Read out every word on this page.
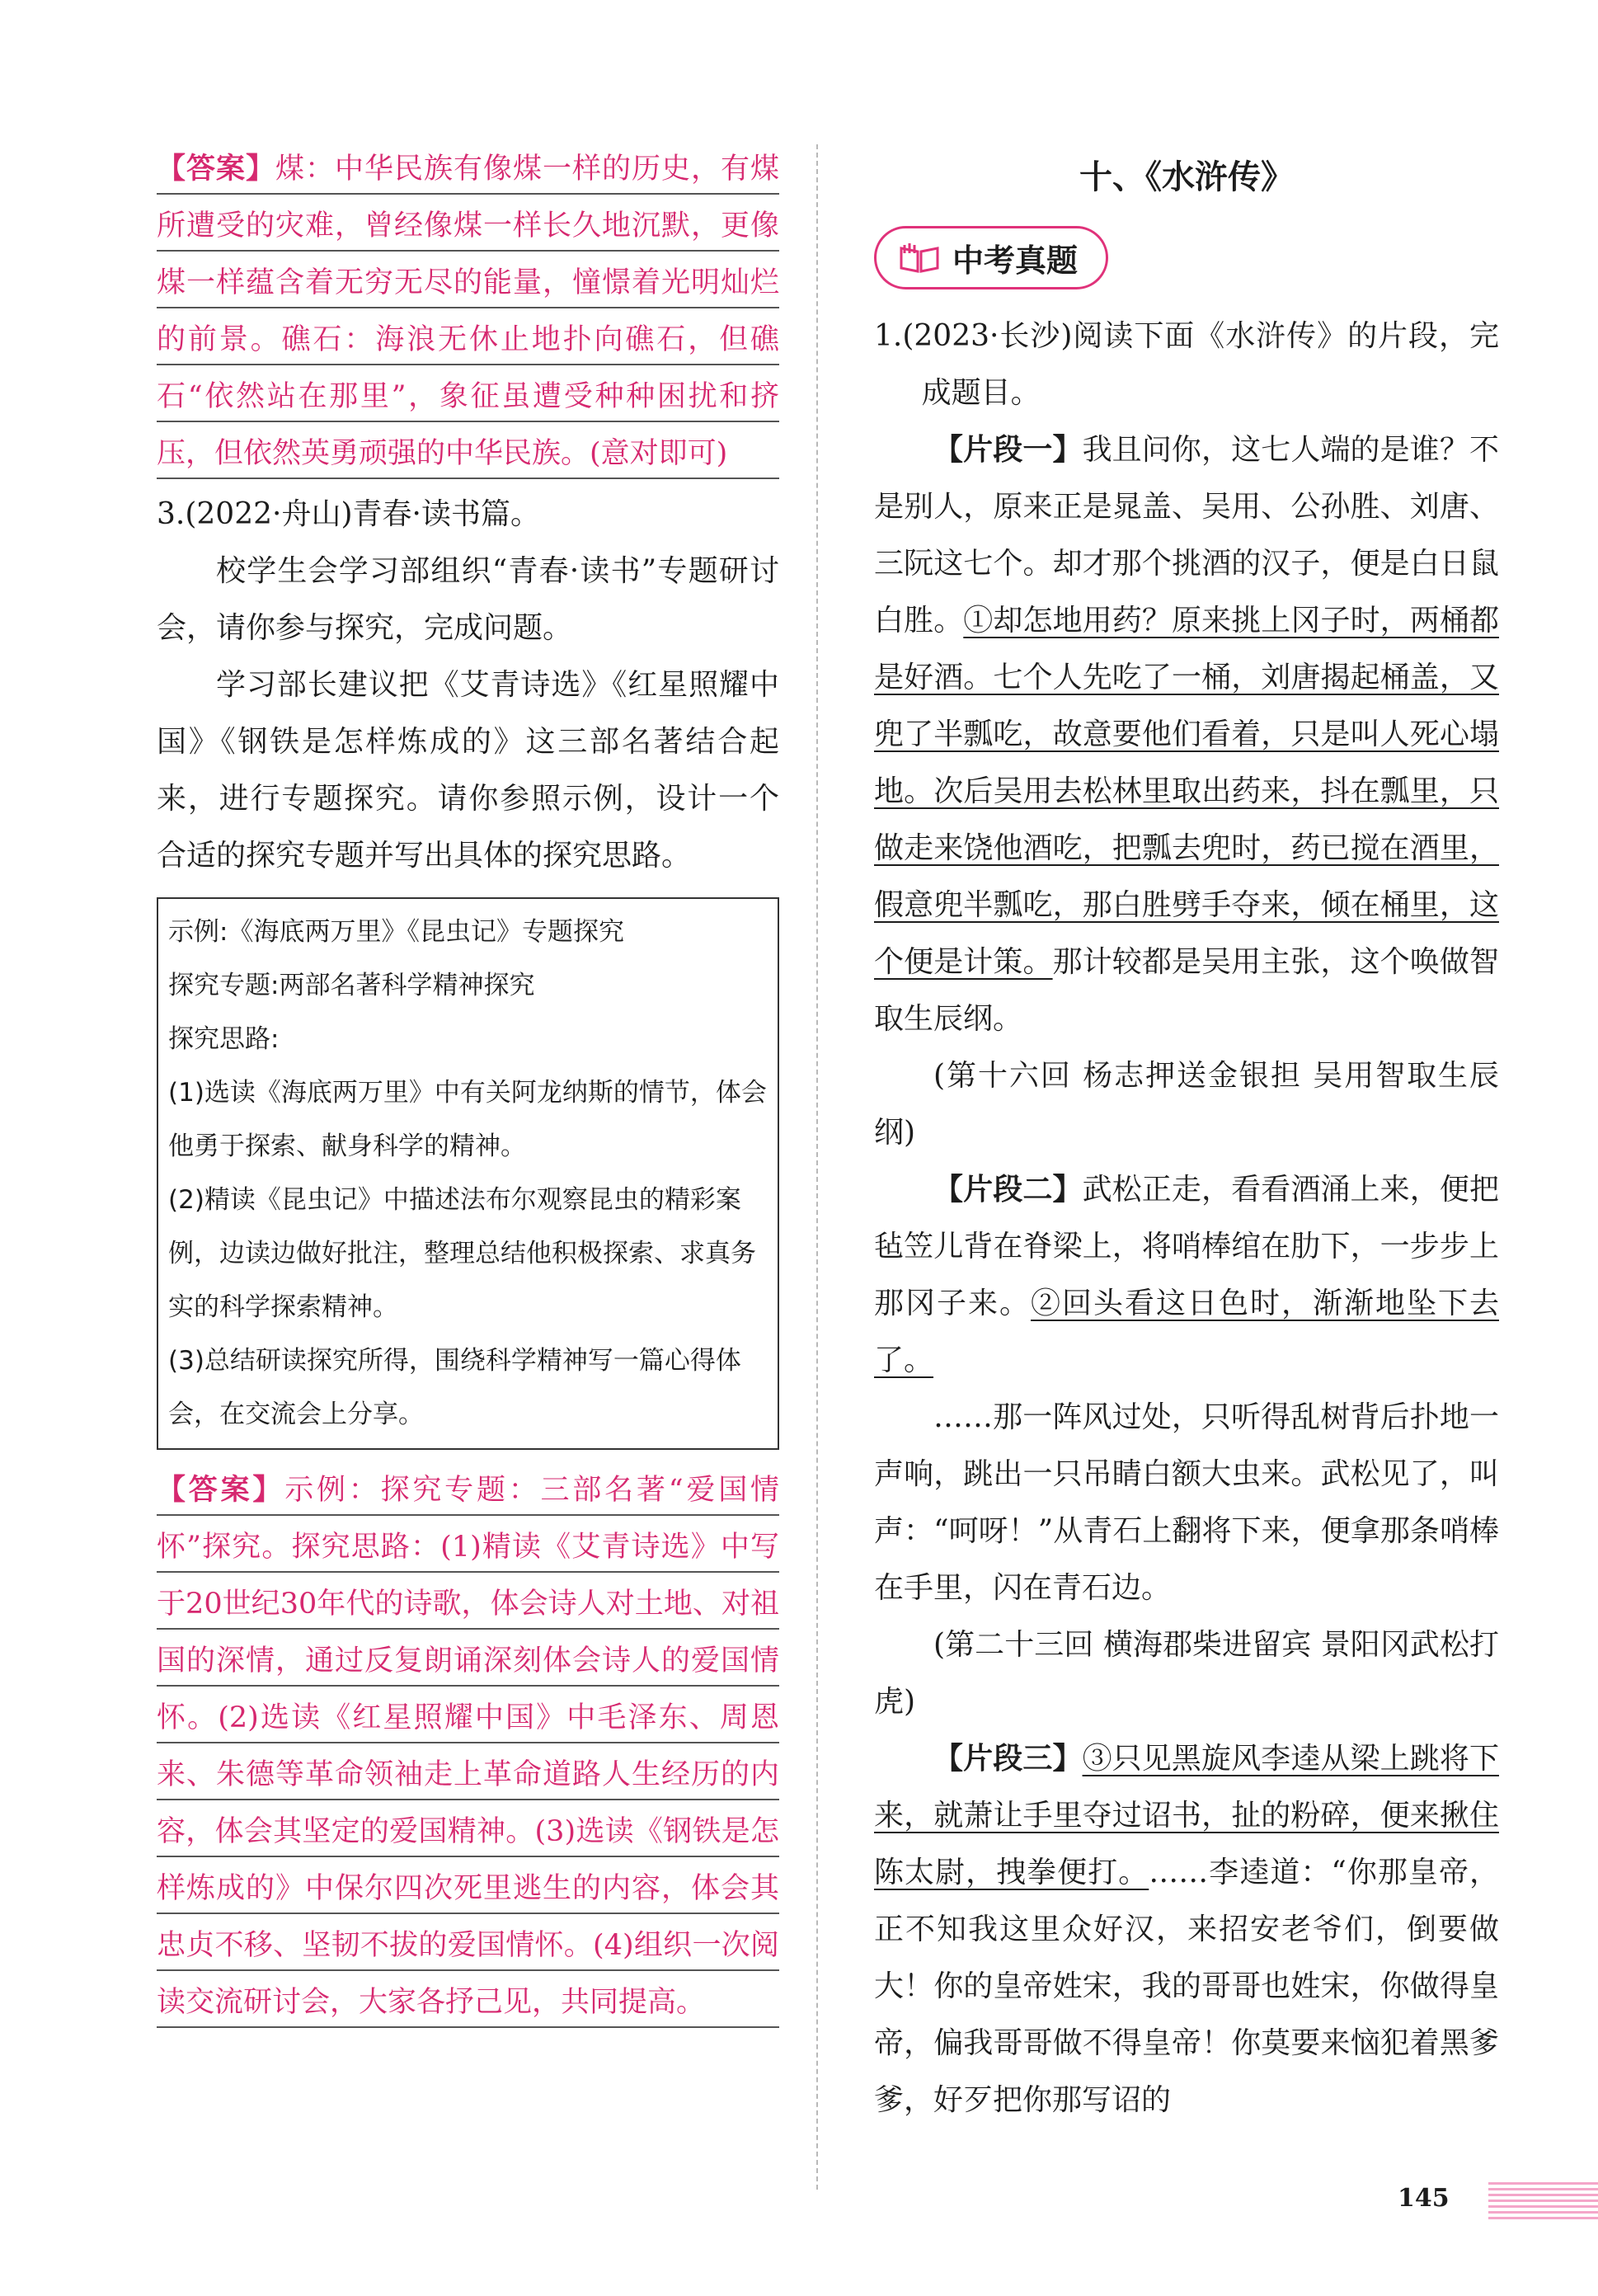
【答案】煤：中华民族有像煤一样的历史，有煤所遭受的灾难，曾经像煤一样长久地沉默，更像煤一样蕴含着无穷无尽的能量，憧憬着光明灿烂的前景。礁石：海浪无休止地扑向礁石，但礁石“依然站在那里”，象征虽遭受种种困扰和挤压，但依然英勇顽强的中华民族。(意对即可)

3.(2022·舟山)青春·读书篇。

校学生会学习部组织“青春·读书”专题研讨会，请你参与探究，完成问题。

学习部长建议把《艾青诗选》《红星照耀中国》《钢铁是怎样炼成的》这三部名著结合起来，进行专题探究。请你参照示例，设计一个合适的探究专题并写出具体的探究思路。

示例:《海底两万里》《昆虫记》专题探究
探究专题:两部名著科学精神探究
探究思路:
(1)选读《海底两万里》中有关阿龙纳斯的情节，体会他勇于探索、献身科学的精神。
(2)精读《昆虫记》中描述法布尔观察昆虫的精彩案例，边读边做好批注，整理总结他积极探索、求真务实的科学探索精神。
(3)总结研读探究所得，围绕科学精神写一篇心得体会，在交流会上分享。

【答案】示例：探究专题：三部名著“爱国情怀”探究。探究思路：(1)精读《艾青诗选》中写于20世纪30年代的诗歌，体会诗人对土地、对祖国的深情，通过反复朗诵深刻体会诗人的爱国情怀。(2)选读《红星照耀中国》中毛泽东、周恩来、朱德等革命领袖走上革命道路人生经历的内容，体会其坚定的爱国精神。(3)选读《钢铁是怎样炼成的》中保尔四次死里逃生的内容，体会其忠贞不移、坚韧不拔的爱国情怀。(4)组织一次阅读交流研讨会，大家各抒己见，共同提高。

十、《水浒传》
中考真题

1.(2023·长沙)阅读下面《水浒传》的片段，完成题目。

【片段一】我且问你，这七人端的是谁？不是别人，原来正是晁盖、吴用、公孙胜、刘唐、三阮这七个。却才那个挑酒的汉子，便是白日鼠白胜。①却怎地用药？原来挑上冈子时，两桶都是好酒。七个人先吃了一桶，刘唐揭起桶盖，又兜了半瓢吃，故意要他们看着，只是叫人死心塌地。次后吴用去松林里取出药来，抖在瓢里，只做走来饶他酒吃，把瓢去兜时，药已搅在酒里，假意兜半瓢吃，那白胜劈手夺来，倾在桶里，这个便是计策。那计较都是吴用主张，这个唤做智取生辰纲。

(第十六回 杨志押送金银担 吴用智取生辰纲)

【片段二】武松正走，看看酒涌上来，便把毡笠儿背在脊梁上，将哨棒绾在肋下，一步步上那冈子来。②回头看这日色时，渐渐地坠下去了。

……那一阵风过处，只听得乱树背后扑地一声响，跳出一只吊睛白额大虫来。武松见了，叫声：“呵呀！”从青石上翻将下来，便拿那条哨棒在手里，闪在青石边。

(第二十三回 横海郡柴进留宾 景阳冈武松打虎)

【片段三】③只见黑旋风李逵从梁上跳将下来，就萧让手里夺过诏书，扯的粉碎，便来揪住陈太尉，拽拳便打。……李逵道：“你那皇帝，正不知我这里众好汉，来招安老爷们，倒要做大！你的皇帝姓宋，我的哥哥也姓宋，你做得皇帝，偏我哥哥做不得皇帝！你莫要来恼犯着黑爹爹，好歹把你那写诏的

145
